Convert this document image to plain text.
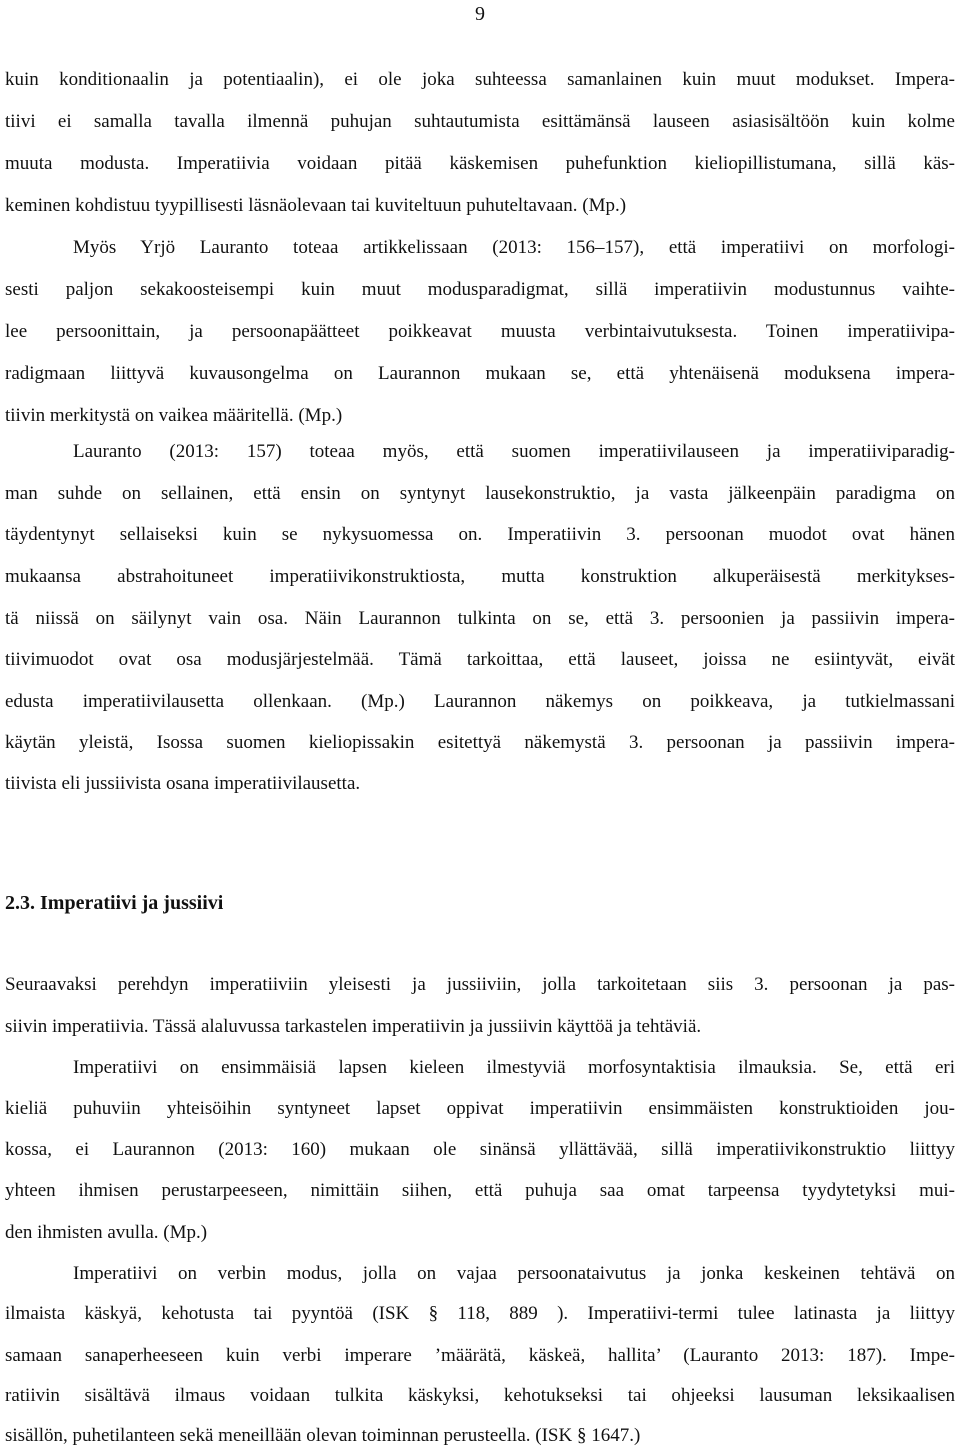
9
kuin konditionaalin ja potentiaalin), ei ole joka suhteessa samanlainen kuin muut modukset. Impera-
tiivi ei samalla tavalla ilmennä puhujan suhtautumista esittämänsä lauseen asiasisältöön kuin kolme
muuta modusta. Imperatiivia voidaan pitää käskemisen puhefunktion kieliopillistumana, sillä käs-
keminen kohdistuu tyypillisesti läsnäolevaan tai kuviteltuun puhuteltavaan. (Mp.)
Myös Yrjö Lauranto toteaa artikkelissaan (2013: 156–157), että imperatiivi on morfologi-
sesti paljon sekakoosteisempi kuin muut modusparadigmat, sillä imperatiivin modustunnus vaihte-
lee persoonittain, ja persoonapäätteet poikkeavat muusta verbintaivutuksesta. Toinen imperatiivipa-
radigmaan liittyvä kuvausongelma on Laurannon mukaan se, että yhtenäisenä moduksena impera-
tiivin merkitystä on vaikea määritellä. (Mp.)
Lauranto (2013: 157) toteaa myös, että suomen imperatiivilauseen ja imperatiiviparadig-
man suhde on sellainen, että ensin on syntynyt lausekonstruktio, ja vasta jälkeenpäin paradigma on
täydentynyt sellaiseksi kuin se nykysuomessa on. Imperatiivin 3. persoonan muodot ovat hänen
mukaansa abstrahoituneet imperatiivikonstruktiosta, mutta konstruktion alkuperäisestä merkitykses-
tä niissä on säilynyt vain osa. Näin Laurannon tulkinta on se, että 3. persoonien ja passiivin impera-
tiivimuodot ovat osa modusjärjestelmää. Tämä tarkoittaa, että lauseet, joissa ne esiintyvät, eivät
edusta imperatiivilausetta ollenkaan. (Mp.) Laurannon näkemys on poikkeava, ja tutkielmassani
käytän yleistä, Isossa suomen kieliopissakin esitettyä näkemystä 3. persoonan ja passiivin impera-
tiivista eli jussiivista osana imperatiivilausetta.
2.3. Imperatiivi ja jussiivi
Seuraavaksi perehdyn imperatiiviin yleisesti ja jussiiviin, jolla tarkoitetaan siis 3. persoonan ja pas-
siivin imperatiivia. Tässä alaluvussa tarkastelen imperatiivin ja jussiivin käyttöä ja tehtäviä.
Imperatiivi on ensimmäisiä lapsen kieleen ilmestyviä morfosyntaktisia ilmauksia. Se, että eri
kieliä puhuviin yhteisöihin syntyneet lapset oppivat imperatiivin ensimmäisten konstruktioiden jou-
kossa, ei Laurannon (2013: 160) mukaan ole sinänsä yllättävää, sillä imperatiivikonstruktio liittyy
yhteen ihmisen perustarpeeseen, nimittäin siihen, että puhuja saa omat tarpeensa tyydytetyksi mui-
den ihmisten avulla. (Mp.)
Imperatiivi on verbin modus, jolla on vajaa persoonataivutus ja jonka keskeinen tehtävä on
ilmaista käskyä, kehotusta tai pyyntöä (ISK § 118, 889 ). Imperatiivi-termi tulee latinasta ja liittyy
samaan sanaperheeseen kuin verbi imperare ’määrätä, käskeä, hallita’ (Lauranto 2013: 187). Impe-
ratiivin sisältävä ilmaus voidaan tulkita käskyksi, kehotukseksi tai ohjeeksi lausuman leksikaalisen
sisällön, puhetilanteen sekä meneillään olevan toiminnan perusteella. (ISK § 1647.)
